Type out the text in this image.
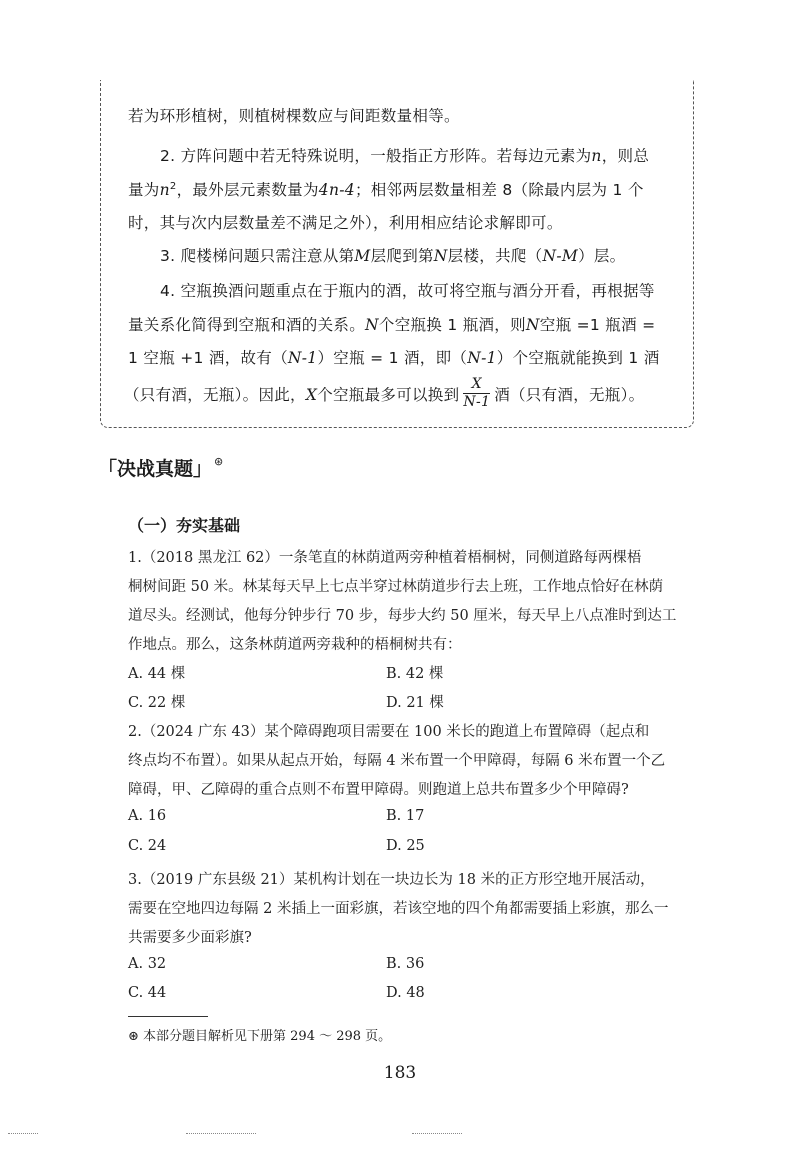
若为环形植树，则植树棵数应与间距数量相等。
2. 方阵问题中若无特殊说明，一般指正方形阵。若每边元素为n，则总
量为$n^2$，最外层元素数量为4n-4；相邻两层数量相差 8（除最内层为 1 个
时，其与次内层数量差不满足之外），利用相应结论求解即可。
3. 爬楼梯问题只需注意从第M层爬到第N层楼，共爬（N-M）层。
4. 空瓶换酒问题重点在于瓶内的酒，故可将空瓶与酒分开看，再根据等
量关系化简得到空瓶和酒的关系。N个空瓶换 1 瓶酒，则N空瓶 =1 瓶酒 =
1 空瓶 +1 酒，故有（N-1）空瓶 = 1 酒，即（N-1）个空瓶就能换到 1 酒
（只有酒，无瓶）。因此，X个空瓶最多可以换到 $\frac{X}{N-1}$ 酒（只有酒，无瓶）。
「决战真题」 ⊛
（一）夯实基础
1.（2018 黑龙江 62）一条笔直的林荫道两旁种植着梧桐树，同侧道路每两棵梧
桐树间距 50 米。林某每天早上七点半穿过林荫道步行去上班，工作地点恰好在林荫
道尽头。经测试，他每分钟步行 70 步，每步大约 50 厘米，每天早上八点准时到达工
作地点。那么，这条林荫道两旁栽种的梧桐树共有：
A. 44 棵	B. 42 棵
C. 22 棵	D. 21 棵
2.（2024 广东 43）某个障碍跑项目需要在 100 米长的跑道上布置障碍（起点和
终点均不布置）。如果从起点开始，每隔 4 米布置一个甲障碍，每隔 6 米布置一个乙
障碍，甲、乙障碍的重合点则不布置甲障碍。则跑道上总共布置多少个甲障碍?
A. 16	B. 17
C. 24	D. 25
3.（2019 广东县级 21）某机构计划在一块边长为 18 米的正方形空地开展活动，
需要在空地四边每隔 2 米插上一面彩旗，若该空地的四个角都需要插上彩旗，那么一
共需要多少面彩旗?
A. 32	B. 36
C. 44	D. 48
⊛ 本部分题目解析见下册第 294 ～ 298 页。
183
